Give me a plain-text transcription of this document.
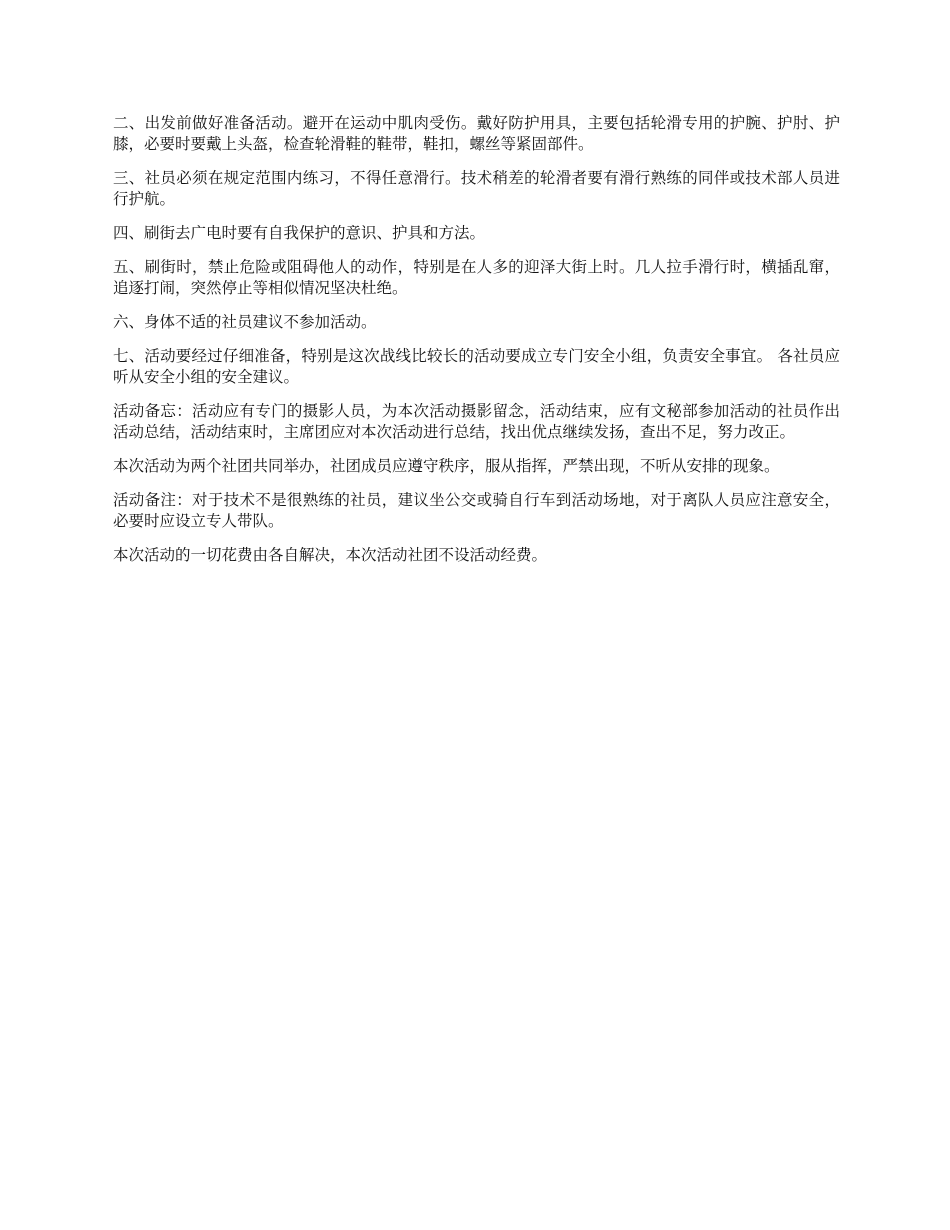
二、出发前做好准备活动。避开在运动中肌肉受伤。戴好防护用具，主要包括轮滑专用的护腕、护肘、护膝，必要时要戴上头盔，检查轮滑鞋的鞋带，鞋扣，螺丝等紧固部件。

三、社员必须在规定范围内练习，不得任意滑行。技术稍差的轮滑者要有滑行熟练的同伴或技术部人员进行护航。

四、刷街去广电时要有自我保护的意识、护具和方法。

五、刷街时，禁止危险或阻碍他人的动作，特别是在人多的迎泽大街上时。几人拉手滑行时，横插乱窜，追逐打闹，突然停止等相似情况坚决杜绝。

六、身体不适的社员建议不参加活动。

七、活动要经过仔细准备，特别是这次战线比较长的活动要成立专门安全小组，负责安全事宜。 各社员应听从安全小组的安全建议。

活动备忘：活动应有专门的摄影人员，为本次活动摄影留念，活动结束，应有文秘部参加活动的社员作出活动总结，活动结束时，主席团应对本次活动进行总结，找出优点继续发扬，查出不足，努力改正。

本次活动为两个社团共同举办，社团成员应遵守秩序，服从指挥，严禁出现，不听从安排的现象。

活动备注：对于技术不是很熟练的社员，建议坐公交或骑自行车到活动场地，对于离队人员应注意安全，必要时应设立专人带队。

本次活动的一切花费由各自解决，本次活动社团不设活动经费。
